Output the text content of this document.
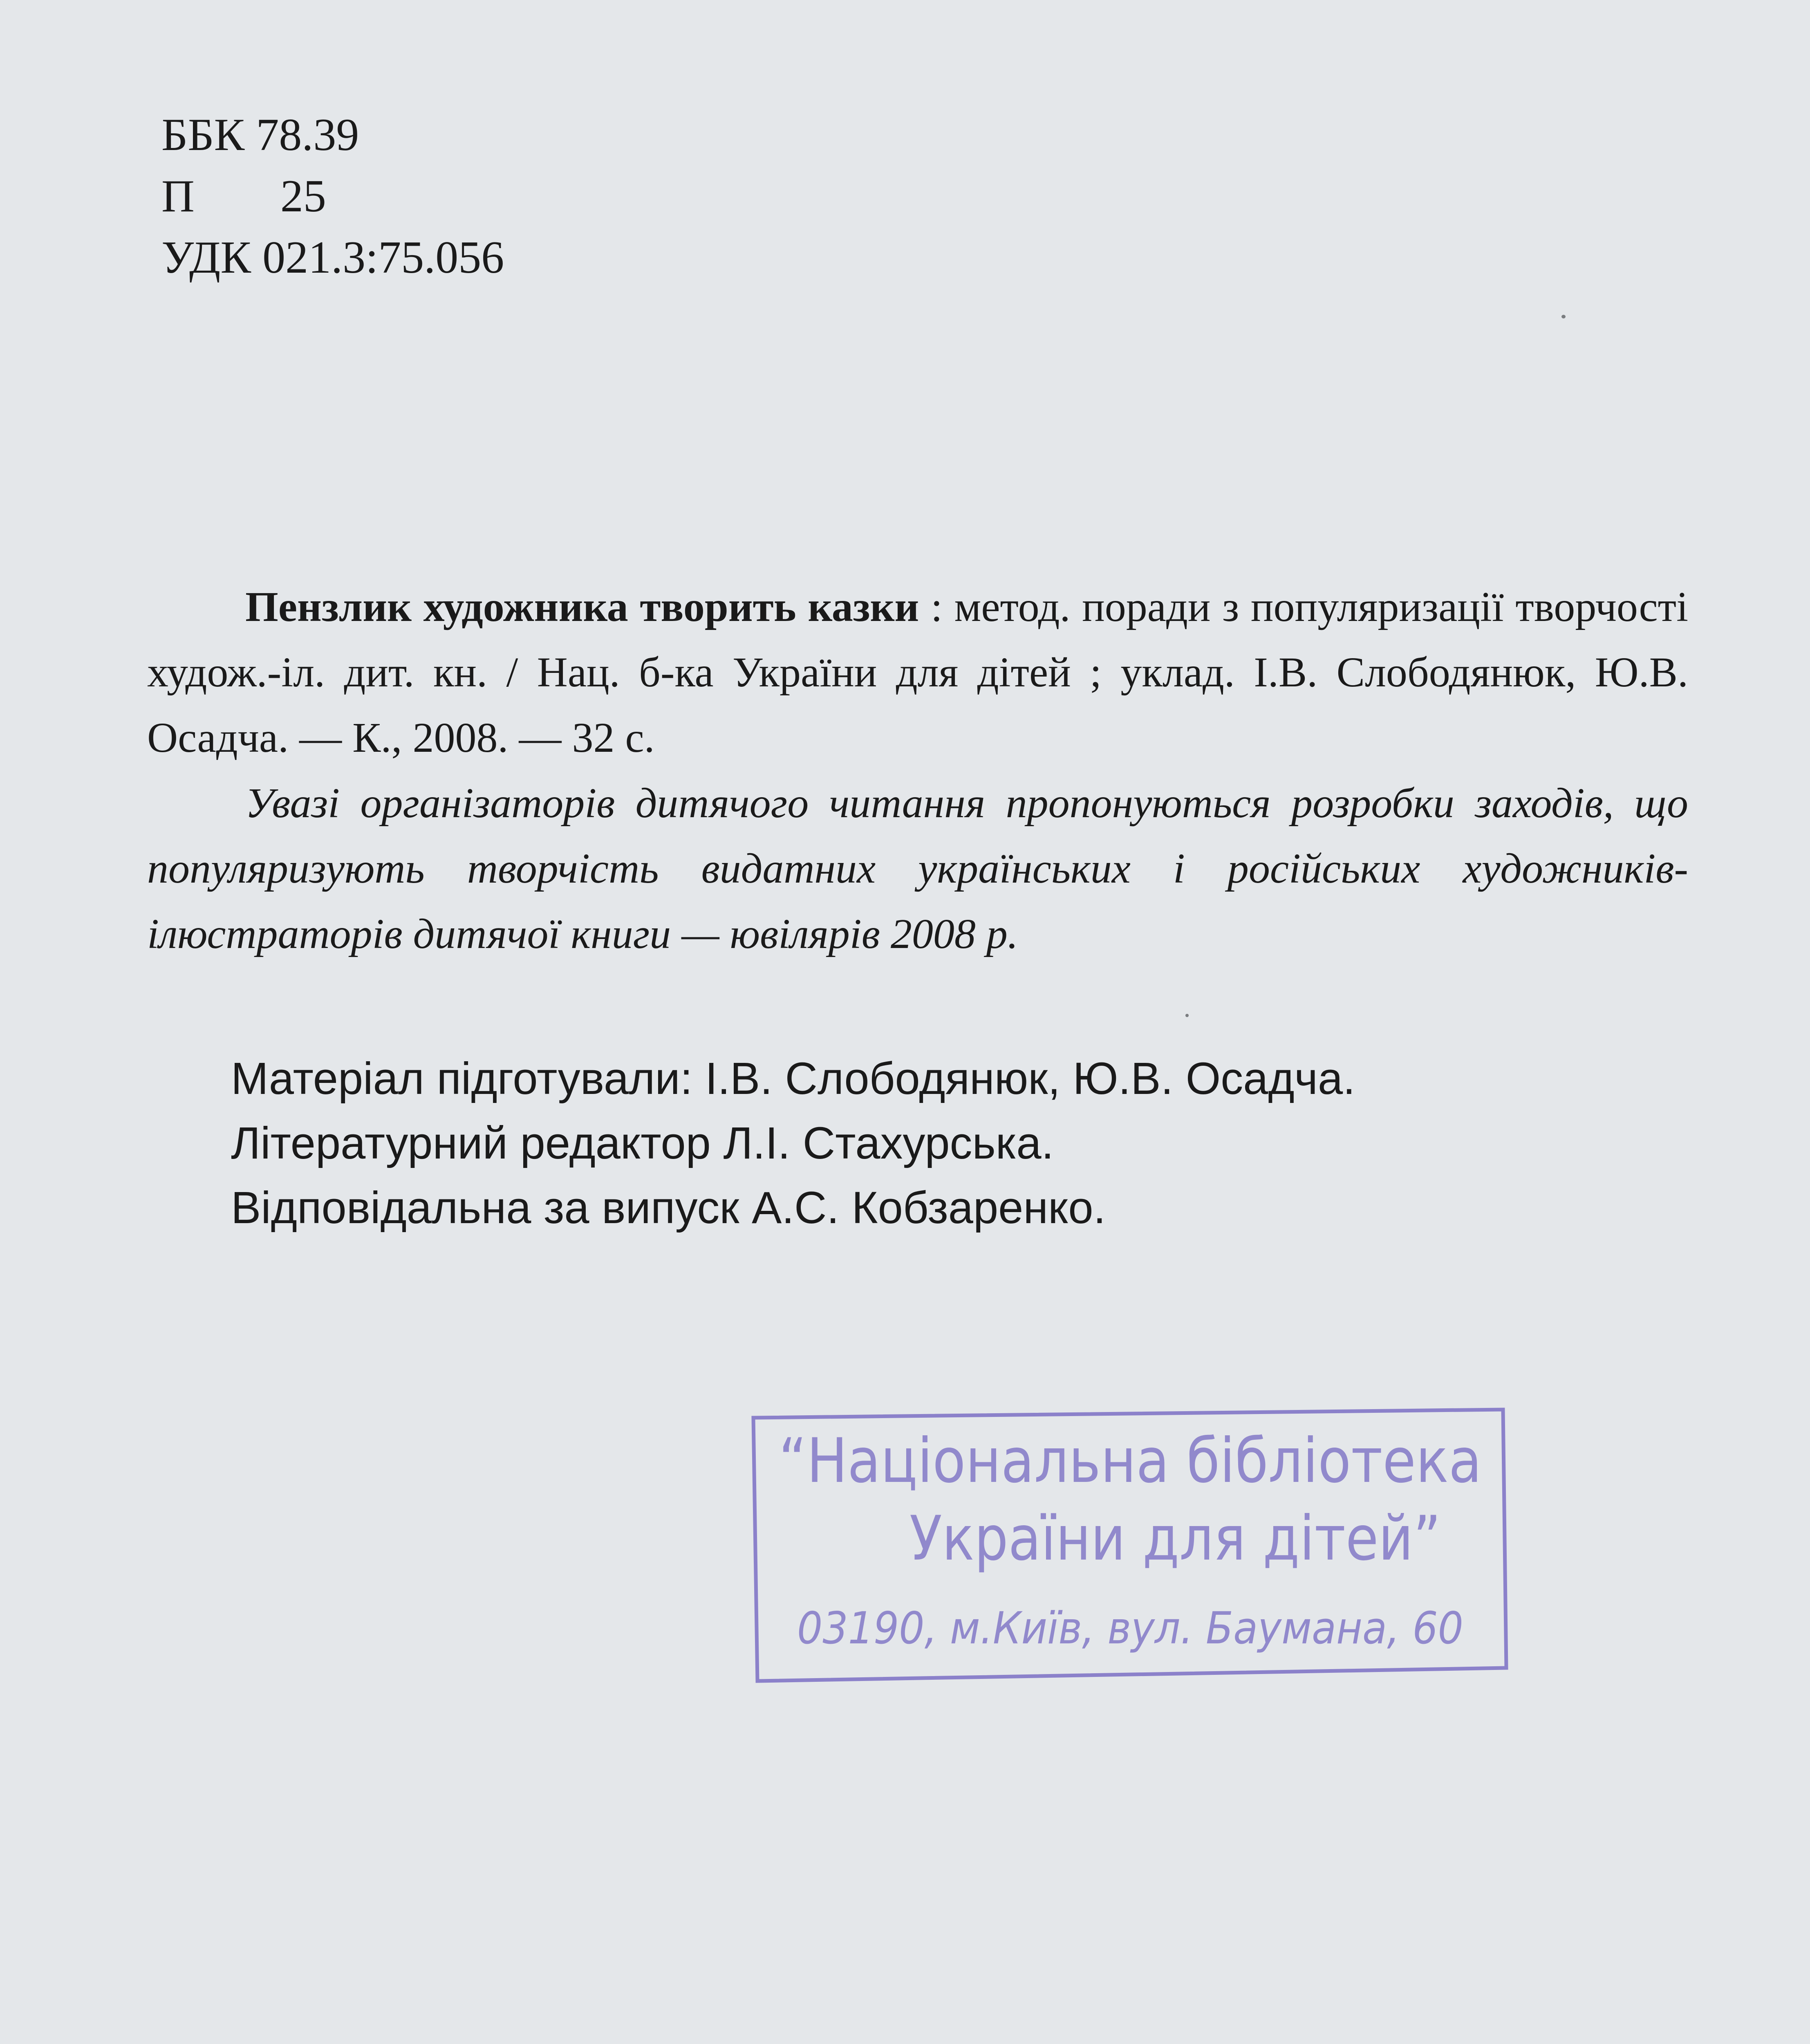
ББК 78.39
П 25
УДК 021.3:75.056
Пензлик художника творить казки : метод. поради з популяризації творчості худож.-іл. дит. кн. / Нац. б-ка України для дітей ; уклад. І.В. Слободянюк, Ю.В. Осадча. — К., 2008. — 32 с.
Увазі організаторів дитячого читання пропонуються розробки заходів, що популяризують творчість видатних українських і російських художників-ілюстраторів дитячої книги — ювілярів 2008 р.
Матеріал підготували: І.В. Слободянюк, Ю.В. Осадча.
Літературний редактор Л.І. Стахурська.
Відповідальна за випуск А.С. Кобзаренко.
“Національна бібліотека
України для дітей”
03190, м.Київ, вул. Баумана, 60
